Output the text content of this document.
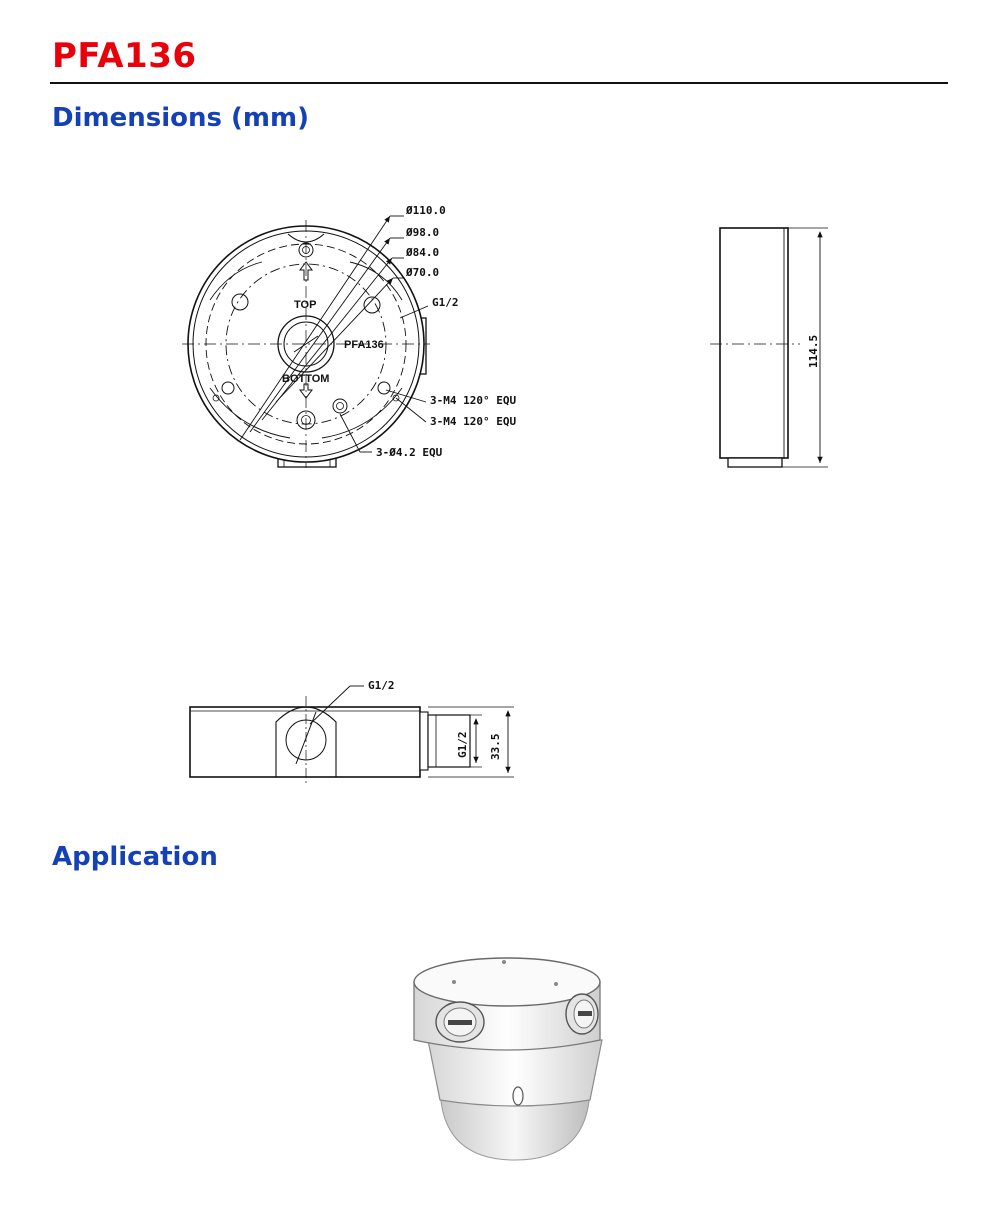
PFA136
Dimensions (mm)
Application
Ø110.0
Ø98.0
Ø84.0
Ø70.0
G1/2
TOP
PFA136
BOTTOM
3-M4 120° EQU
3-M4 120° EQU
3-Ø4.2 EQU
114.5
G1/2
G1/2 33.5
